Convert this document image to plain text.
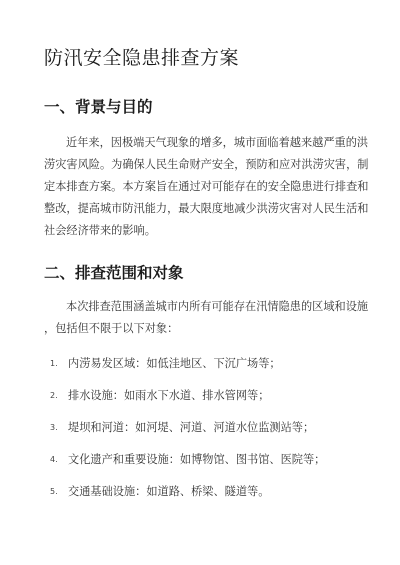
防汛安全隐患排查方案
一、背景与目的
近年来，因极端天气现象的增多，城市面临着越来越严重的洪
涝灾害风险。为确保人民生命财产安全，预防和应对洪涝灾害，制
定本排查方案。本方案旨在通过对可能存在的安全隐患进行排查和
整改，提高城市防汛能力，最大限度地减少洪涝灾害对人民生活和
社会经济带来的影响。
二、排查范围和对象
本次排查范围涵盖城市内所有可能存在汛情隐患的区域和设施
，包括但不限于以下对象：
1. 内涝易发区域：如低洼地区、下沉广场等；
2. 排水设施：如雨水下水道、排水管网等；
3. 堤坝和河道：如河堤、河道、河道水位监测站等；
4. 文化遗产和重要设施：如博物馆、图书馆、医院等；
5. 交通基础设施：如道路、桥梁、隧道等。
